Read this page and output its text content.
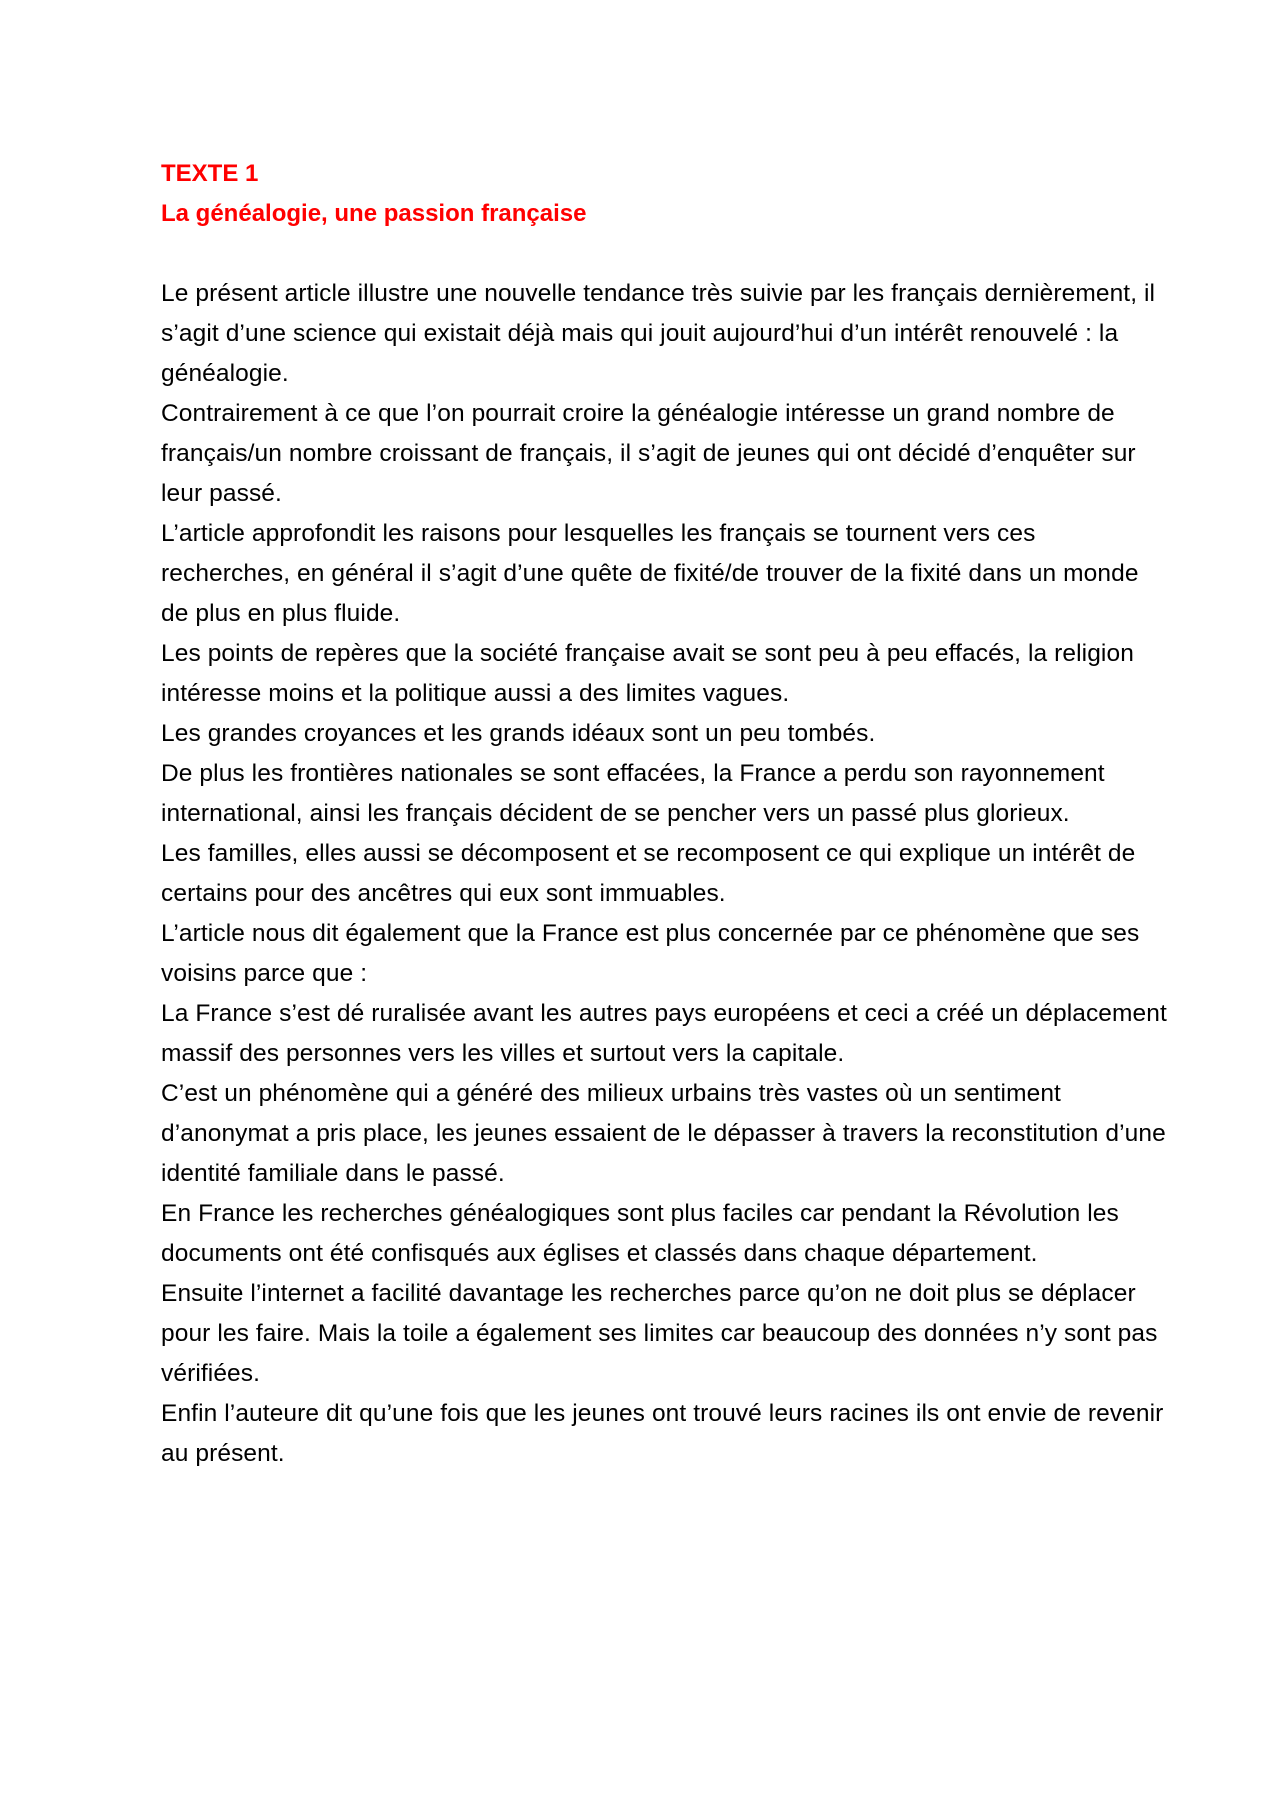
TEXTE 1

La généalogie, une passion française

Le présent article illustre une nouvelle tendance très suivie par les français dernièrement, il s’agit d’une science qui existait déjà mais qui jouit aujourd’hui d’un intérêt renouvelé : la généalogie.

Contrairement à ce que l’on pourrait croire la généalogie intéresse un grand nombre de français/un nombre croissant de français, il s’agit de jeunes qui ont décidé d’enquêter sur leur passé.

L’article approfondit les raisons pour lesquelles les français se tournent vers ces recherches, en général il s’agit d’une quête de fixité/de trouver de la fixité dans un monde de plus en plus fluide.

Les points de repères que la société française avait se sont peu à peu effacés, la religion intéresse moins et la politique aussi a des limites vagues.

Les grandes croyances et les grands idéaux sont un peu tombés.

De plus les frontières nationales se sont effacées, la France a perdu son rayonnement international, ainsi les français décident de se pencher vers un passé plus glorieux.

Les familles, elles aussi se décomposent et se recomposent ce qui explique un intérêt de certains pour des ancêtres qui eux sont immuables.

L’article nous dit également que la France est plus concernée par ce phénomène que ses voisins parce que :

La France s’est dé ruralisée avant les autres pays européens et ceci a créé un déplacement massif des personnes vers les villes et surtout vers la capitale.

C’est un phénomène qui a généré des milieux urbains très vastes où un sentiment d’anonymat a pris place, les jeunes essaient de le dépasser à travers la reconstitution d’une identité familiale dans le passé.

En France les recherches généalogiques sont plus faciles car pendant la Révolution les documents ont été confisqués aux églises et classés dans chaque département.

Ensuite l’internet a facilité davantage les recherches parce qu’on ne doit plus se déplacer pour les faire. Mais la toile a également ses limites car beaucoup des données n’y sont pas vérifiées.

Enfin l’auteure dit qu’une fois que les jeunes ont trouvé leurs racines ils ont envie de revenir au présent.
